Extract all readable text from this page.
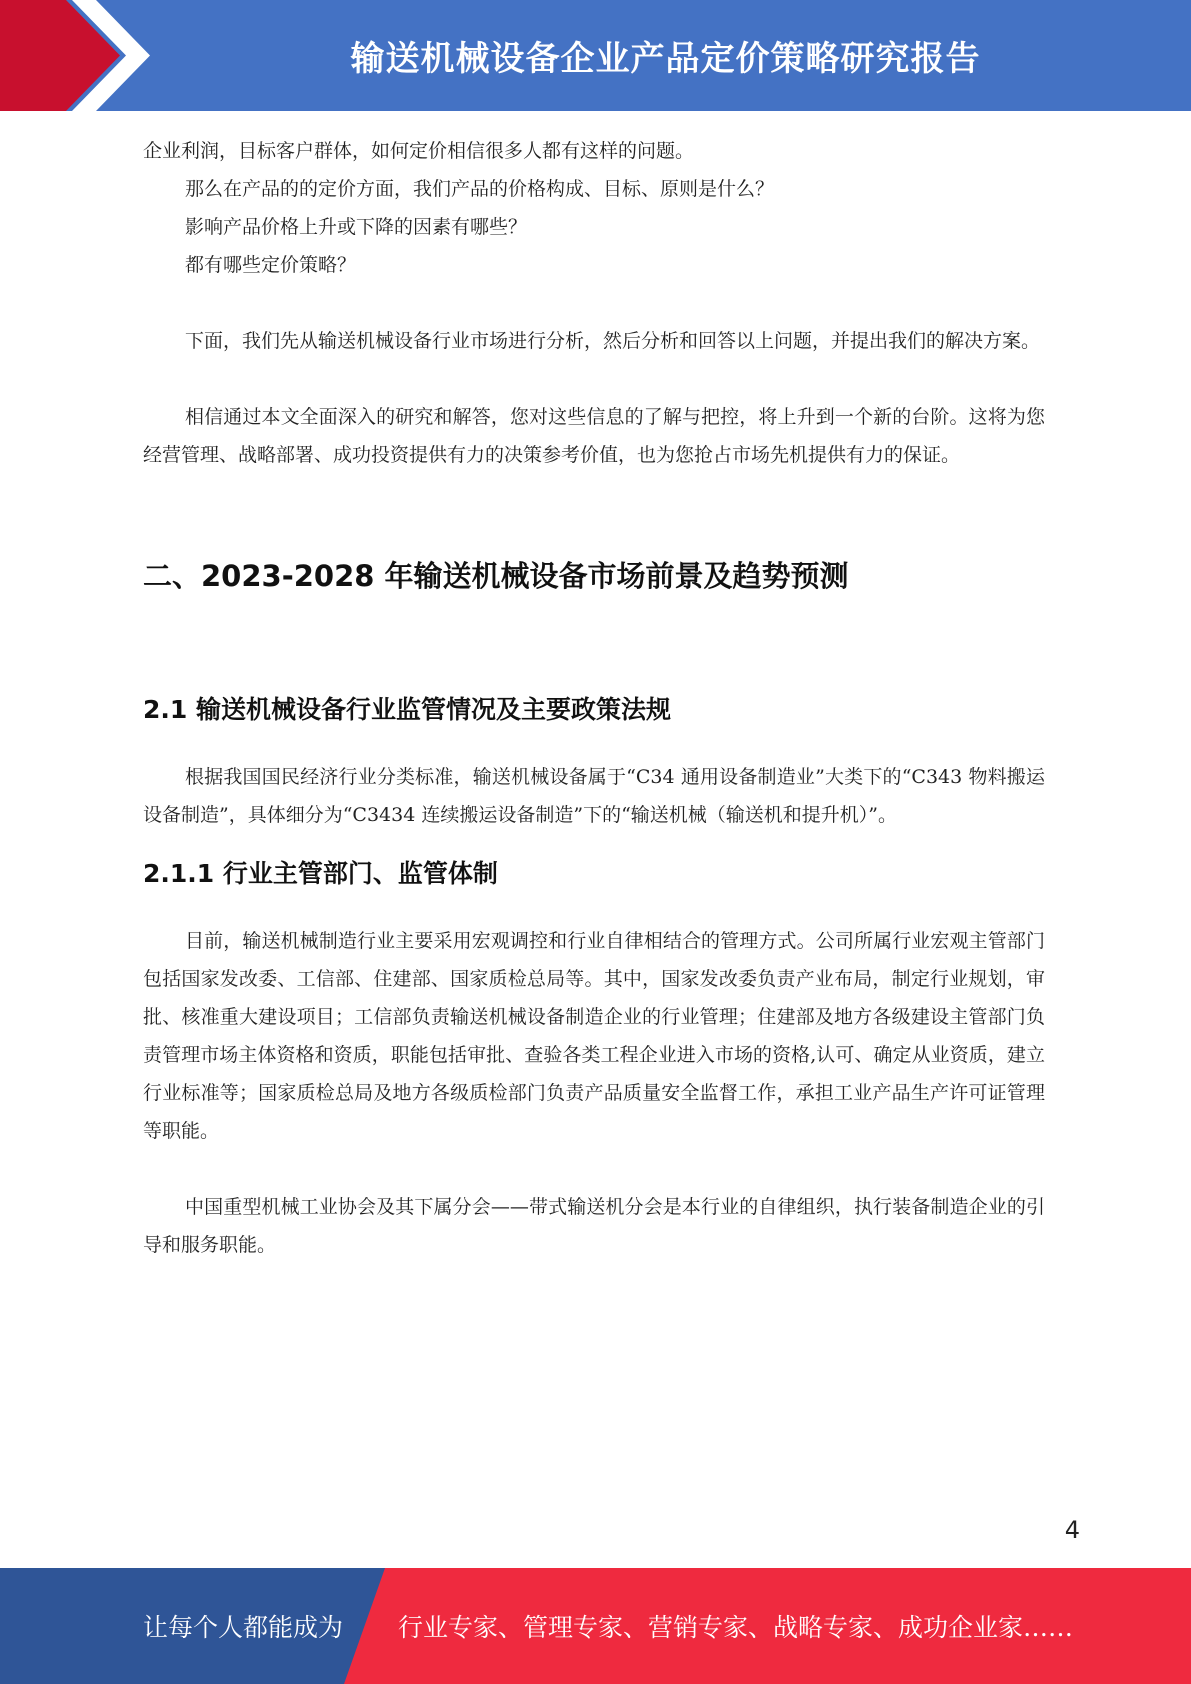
输送机械设备企业产品定价策略研究报告

企业利润，目标客户群体，如何定价相信很多人都有这样的问题。

那么在产品的的定价方面，我们产品的价格构成、目标、原则是什么？

影响产品价格上升或下降的因素有哪些？

都有哪些定价策略？

下面，我们先从输送机械设备行业市场进行分析，然后分析和回答以上问题，并提出我们的解决方案。

相信通过本文全面深入的研究和解答，您对这些信息的了解与把控，将上升到一个新的台阶。这将为您经营管理、战略部署、成功投资提供有力的决策参考价值，也为您抢占市场先机提供有力的保证。

二、2023-2028 年输送机械设备市场前景及趋势预测
2.1 输送机械设备行业监管情况及主要政策法规

根据我国国民经济行业分类标准，输送机械设备属于“C34 通用设备制造业”大类下的“C343 物料搬运设备制造”，具体细分为“C3434 连续搬运设备制造”下的“输送机械（输送机和提升机）”。

2.1.1 行业主管部门、监管体制

目前，输送机械制造行业主要采用宏观调控和行业自律相结合的管理方式。公司所属行业宏观主管部门包括国家发改委、工信部、住建部、国家质检总局等。其中，国家发改委负责产业布局，制定行业规划，审批、核准重大建设项目；工信部负责输送机械设备制造企业的行业管理；住建部及地方各级建设主管部门负责管理市场主体资格和资质，职能包括审批、查验各类工程企业进入市场的资格,认可、确定从业资质，建立行业标准等；国家质检总局及地方各级质检部门负责产品质量安全监督工作，承担工业产品生产许可证管理等职能。

中国重型机械工业协会及其下属分会——带式输送机分会是本行业的自律组织，执行装备制造企业的引导和服务职能。

4
让每个人都能成为 行业专家、管理专家、营销专家、战略专家、成功企业家……
